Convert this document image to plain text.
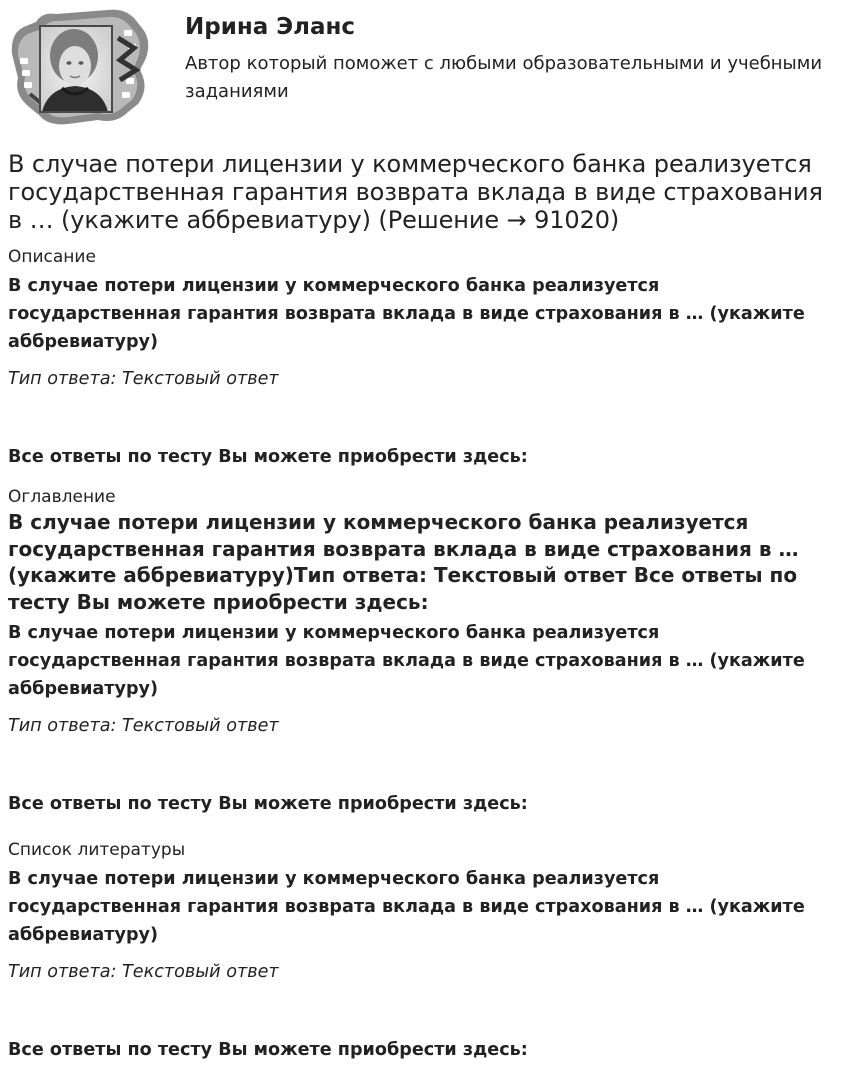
Ирина Эланс
Автор который поможет с любыми образовательными и учебными заданиями
В случае потери лицензии у коммерческого банка реализуется государственная гарантия возврата вклада в виде страхования в … (укажите аббревиатуру) (Решение → 91020)

Описание

В случае потери лицензии у коммерческого банка реализуется государственная гарантия возврата вклада в виде страхования в … (укажите аббревиатуру)

Тип ответа: Текстовый ответ

Все ответы по тесту Вы можете приобрести здесь:

Оглавление

В случае потери лицензии у коммерческого банка реализуется государственная гарантия возврата вклада в виде страхования в … (укажите аббревиатуру)Тип ответа: Текстовый ответ Все ответы по тесту Вы можете приобрести здесь:

В случае потери лицензии у коммерческого банка реализуется государственная гарантия возврата вклада в виде страхования в … (укажите аббревиатуру)

Тип ответа: Текстовый ответ

Все ответы по тесту Вы можете приобрести здесь:

Список литературы

В случае потери лицензии у коммерческого банка реализуется государственная гарантия возврата вклада в виде страхования в … (укажите аббревиатуру)

Тип ответа: Текстовый ответ

Все ответы по тесту Вы можете приобрести здесь:
